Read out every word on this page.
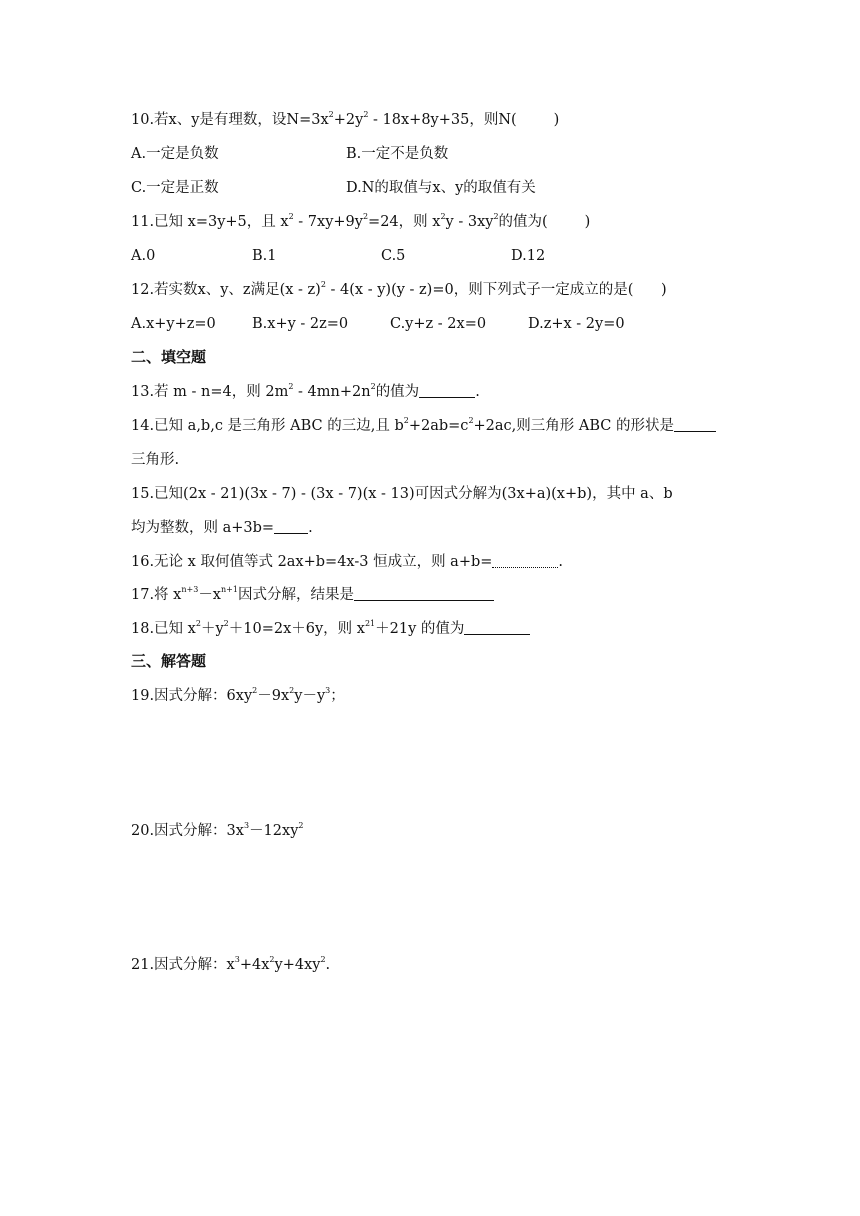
10.若x、y是有理数，设$N=3x^2+2y^2 - 18x+8y+35$，则N(        )
A.一定是负数	B.一定不是负数
C.一定是正数	D.N的取值与x、y的取值有关
11.已知 x=3y+5，且 $x^2 - 7xy+9y^2=24$，则 $x^2y - 3xy^2$的值为(        )
A.0	B.1	C.5	D.12
12.若实数x、y、z满足(x - z)$^2$ - 4(x - y)(y - z)=0，则下列式子一定成立的是(      )
A.x+y+z=0 B.x+y - 2z=0	C.y+z - 2x=0	D.z+x - 2y=0
二、填空题
13.若 m - n=4，则 $2m^2 - 4mn+2n^2$的值为	.
14.已知 a,b,c 是三角形 ABC 的三边,且 $b^2+2ab=c^2+2ac$,则三角形 ABC 的形状是
三角形.
15.已知(2x - 21)(3x - 7) - (3x - 7)(x - 13)可因式分解为(3x+a)(x+b)，其中 a、b
均为整数，则 a+3b= .
16.无论 x 取何值等式 2ax+b=4x-3 恒成立，则 a+b=	.
17.将 $x^{n+3}-x^{n+1}$因式分解，结果是
18.已知 $x^2+y^2+10=2x+6y$，则 $x^{21}+21y$ 的值为
三、解答题
19.因式分解：$6xy^2-9x^2y-y^3$；
20.因式分解：$3x^3-12xy^2$
21.因式分解：$x^3+4x^2y+4xy^2$.
